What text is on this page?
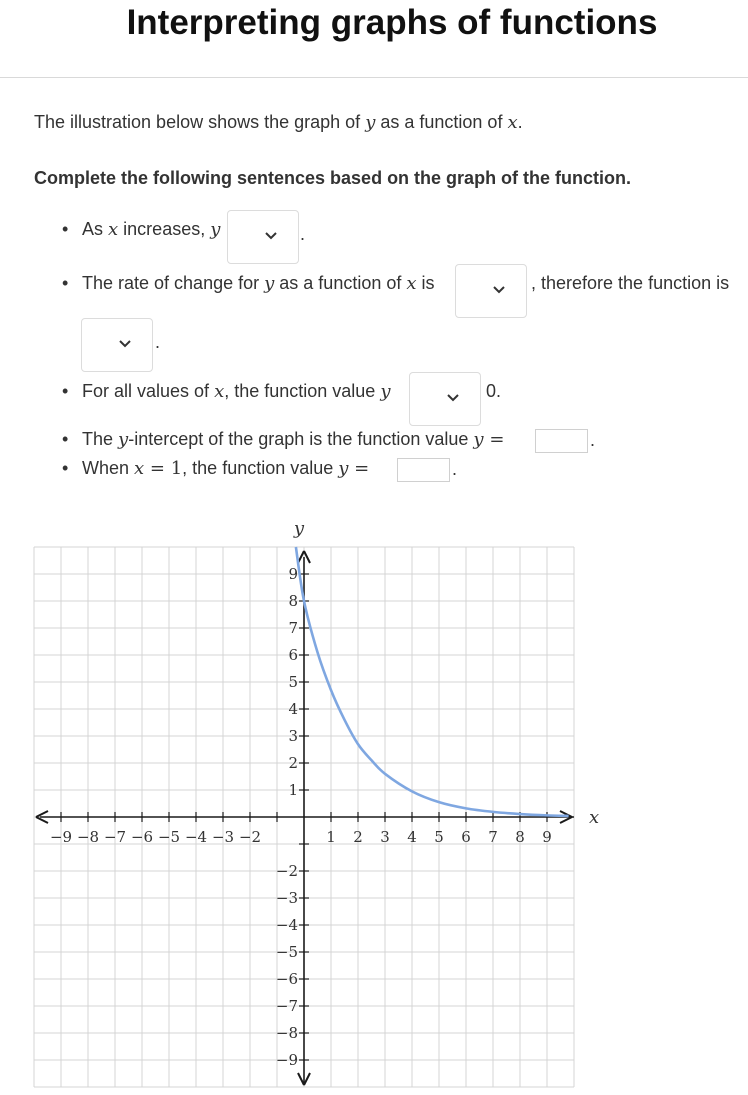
Interpreting graphs of functions
The illustration below shows the graph of y as a function of x.
Complete the following sentences based on the graph of the function.
• As x increases, y	.
• The rate of change for y as a function of x is	, therefore the function is
.
• For all values of x, the function value y	0.
• The y-intercept of the graph is the function value y =	.
• When x = 1, the function value y =	.
−9 −8 −7 −6 −5 −4 −3 −2	1 2 3 4 5 6 7 8 9
9
8
7
6
5
4
3
2
1
−2
−3
−4
−5
−6
−7
−8
−9
x
y
